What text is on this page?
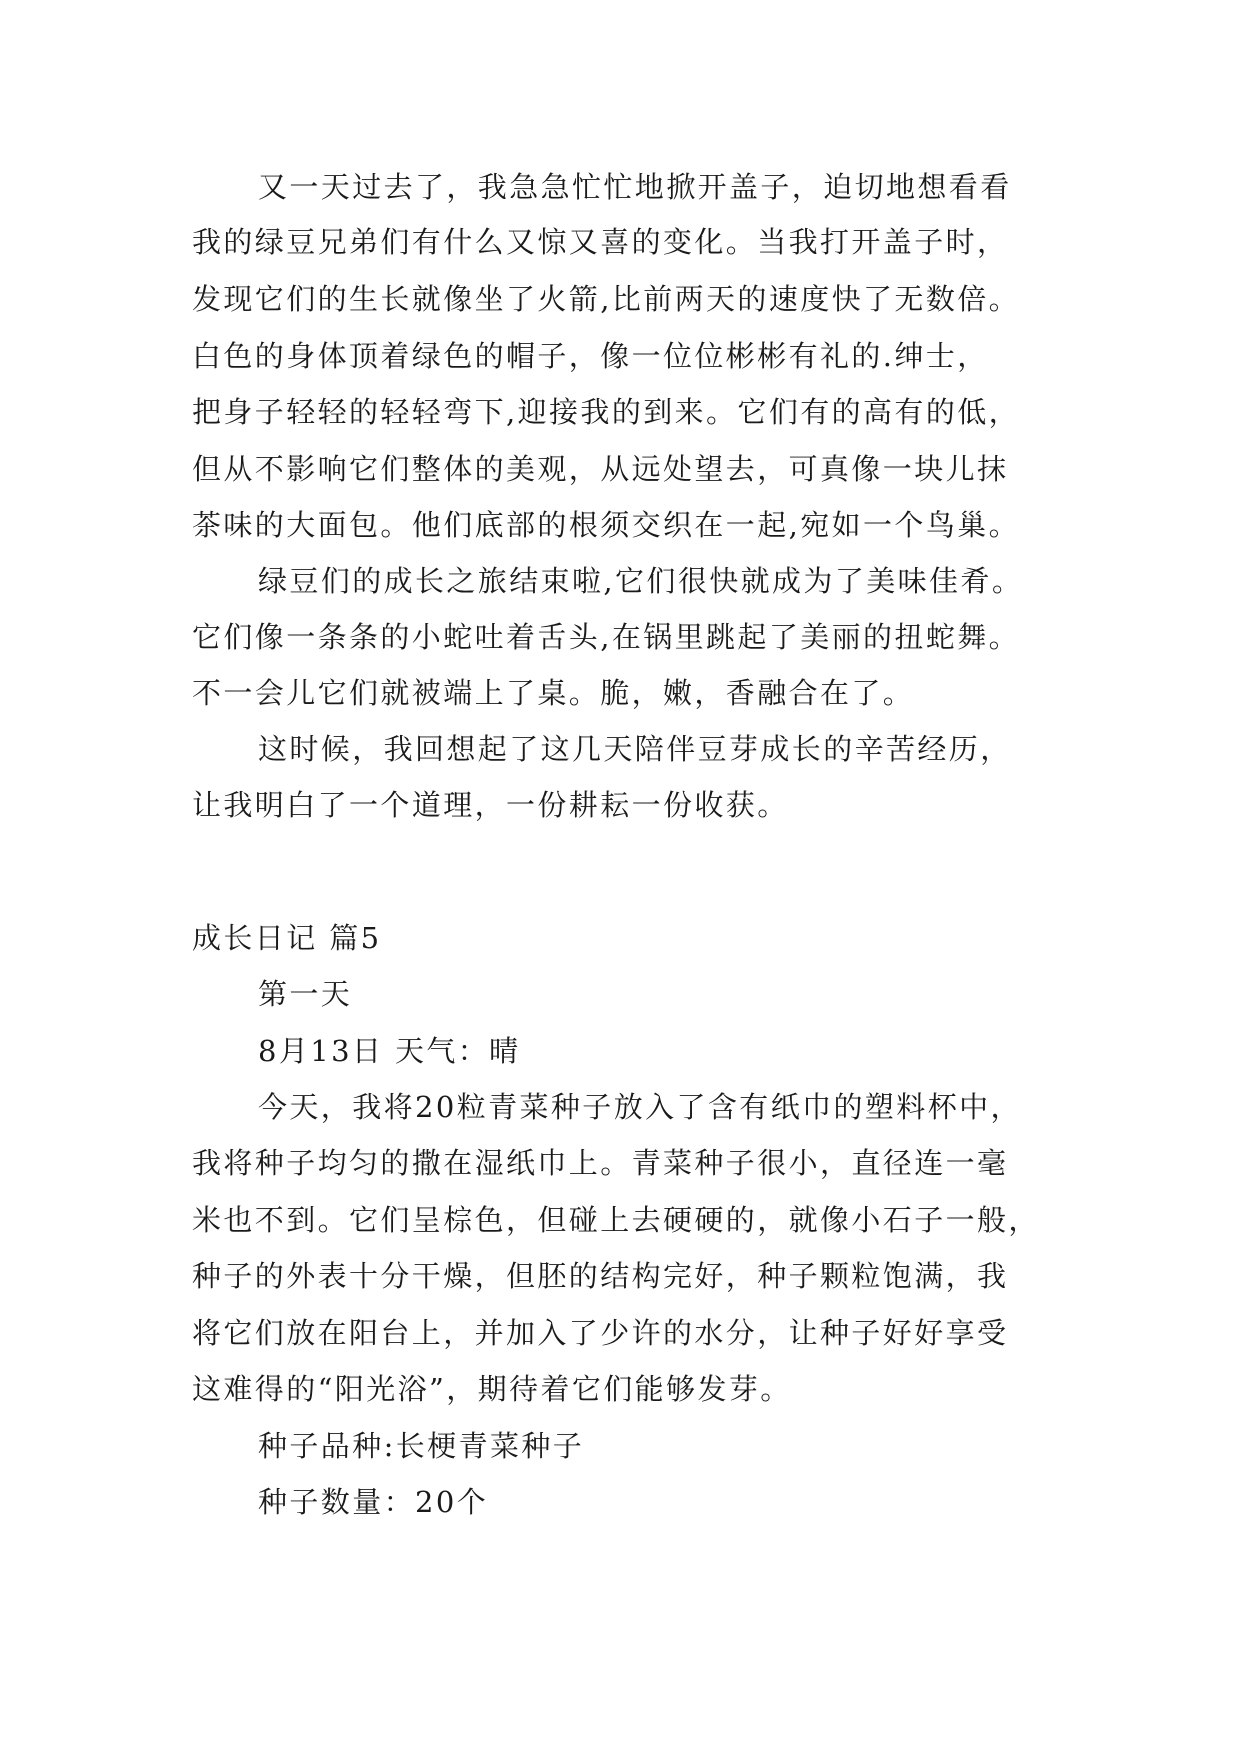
又一天过去了，我急急忙忙地掀开盖子，迫切地想看看

我的绿豆兄弟们有什么又惊又喜的变化。当我打开盖子时，

发现它们的生长就像坐了火箭,比前两天的速度快了无数倍。

白色的身体顶着绿色的帽子，像一位位彬彬有礼的.绅士，

把身子轻轻的轻轻弯下,迎接我的到来。它们有的高有的低，

但从不影响它们整体的美观，从远处望去，可真像一块儿抹

茶味的大面包。他们底部的根须交织在一起,宛如一个鸟巢。

绿豆们的成长之旅结束啦,它们很快就成为了美味佳肴。

它们像一条条的小蛇吐着舌头,在锅里跳起了美丽的扭蛇舞。

不一会儿它们就被端上了桌。脆，嫩，香融合在了。

这时候，我回想起了这几天陪伴豆芽成长的辛苦经历，

让我明白了一个道理，一份耕耘一份收获。

成长日记 篇5

第一天

8月13日 天气：晴

今天，我将20粒青菜种子放入了含有纸巾的塑料杯中，

我将种子均匀的撒在湿纸巾上。青菜种子很小，直径连一毫

米也不到。它们呈棕色，但碰上去硬硬的，就像小石子一般，

种子的外表十分干燥，但胚的结构完好，种子颗粒饱满，我

将它们放在阳台上，并加入了少许的水分，让种子好好享受

这难得的“阳光浴”，期待着它们能够发芽。

种子品种:长梗青菜种子

种子数量：20个
